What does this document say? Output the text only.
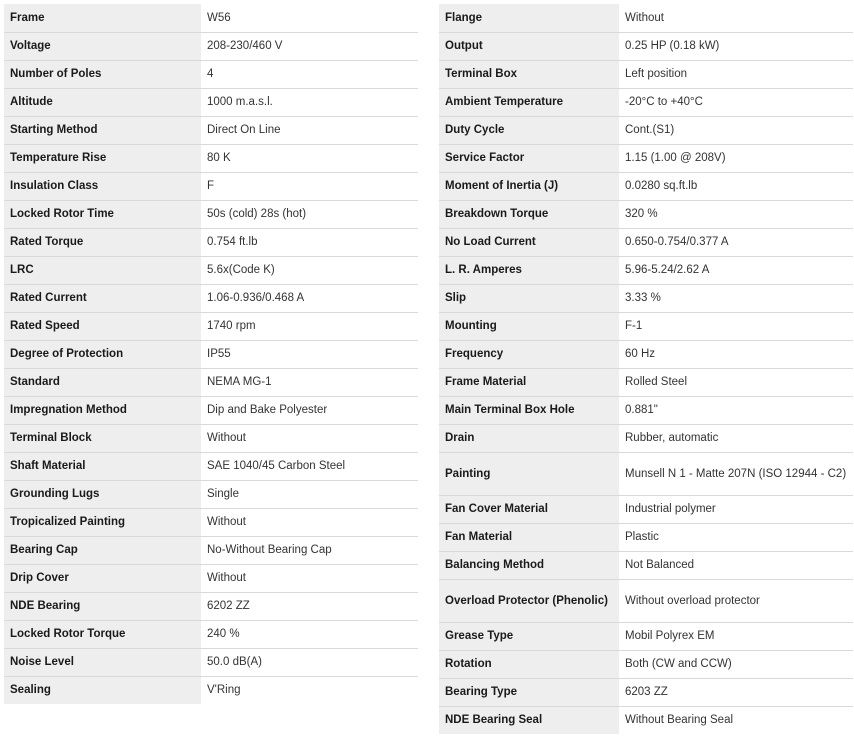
Frame	W56
Voltage	208-230/460 V
Number of Poles	4
Altitude	1000 m.a.s.l.
Starting Method	Direct On Line
Temperature Rise	80 K
Insulation Class	F
Locked Rotor Time	50s (cold) 28s (hot)
Rated Torque	0.754 ft.lb
LRC	5.6x(Code K)
Rated Current	1.06-0.936/0.468 A
Rated Speed	1740 rpm
Degree of Protection	IP55
Standard	NEMA MG-1
Impregnation Method	Dip and Bake Polyester
Terminal Block	Without
Shaft Material	SAE 1040/45 Carbon Steel
Grounding Lugs	Single
Tropicalized Painting	Without
Bearing Cap	No-Without Bearing Cap
Drip Cover	Without
NDE Bearing	6202 ZZ
Locked Rotor Torque	240 %
Noise Level	50.0 dB(A)
Sealing	V'Ring
Flange	Without
Output	0.25 HP (0.18 kW)
Terminal Box	Left position
Ambient Temperature	-20°C to +40°C
Duty Cycle	Cont.(S1)
Service Factor	1.15 (1.00 @ 208V)
Moment of Inertia (J)	0.0280 sq.ft.lb
Breakdown Torque	320 %
No Load Current	0.650-0.754/0.377 A
L. R. Amperes	5.96-5.24/2.62 A
Slip	3.33 %
Mounting	F-1
Frequency	60 Hz
Frame Material	Rolled Steel
Main Terminal Box Hole	0.881"
Drain	Rubber, automatic
Painting	Munsell N 1 - Matte 207N (ISO 12944 - C2)
Fan Cover Material	Industrial polymer
Fan Material	Plastic
Balancing Method	Not Balanced
Overload Protector (Phenolic)	Without overload protector
Grease Type	Mobil Polyrex EM
Rotation	Both (CW and CCW)
Bearing Type	6203 ZZ
NDE Bearing Seal	Without Bearing Seal
